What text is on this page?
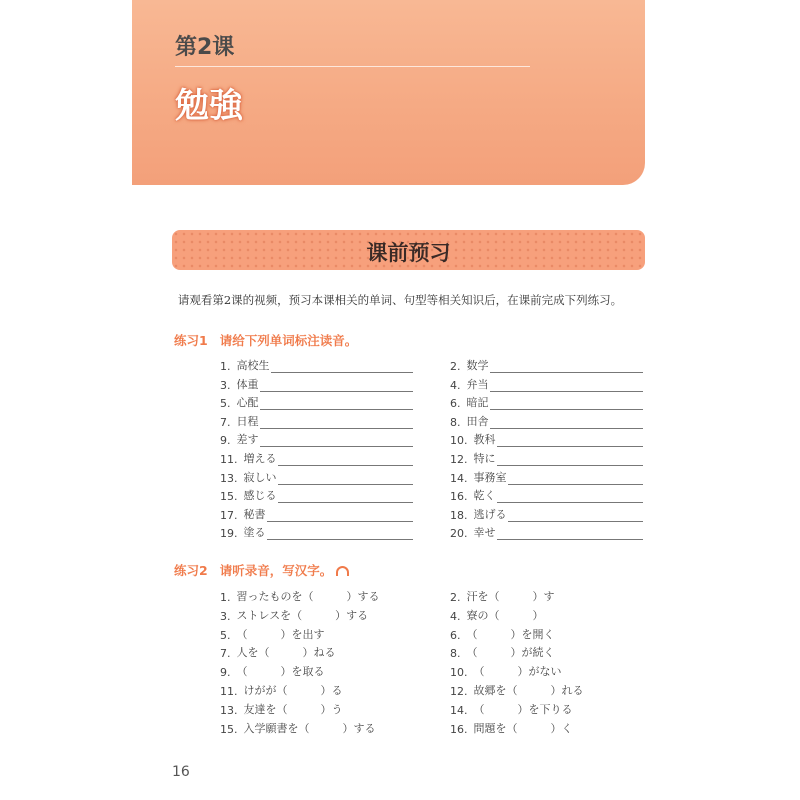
第2课
勉強
课前预习
请观看第2课的视频，预习本课相关的单词、句型等相关知识后，在课前完成下列练习。
练习1 请给下列单词标注读音。
1. 高校生	2. 数学
3. 体重	4. 弁当
5. 心配	6. 暗記
7. 日程	8. 田舎
9. 差す	10. 教科
11. 増える	12. 特に
13. 寂しい	14. 事務室
15. 感じる	16. 乾く
17. 秘書	18. 逃げる
19. 塗る	20. 幸せ
练习2 请听录音，写汉字。
1. 習ったものを（　　　）する	2. 汗を（　　　）す
3. ストレスを（　　　）する	4. 寮の（　　　）
5. （　　　）を出す	6. （　　　）を開く
7. 人を（　　　）ねる	8. （　　　）が続く
9. （　　　）を取る	10. （　　　）がない
11. けがが（　　　）る	12. 故郷を（　　　）れる
13. 友達を（　　　）う	14. （　　　）を下りる
15. 入学願書を（　　　）する	16. 問題を（　　　）く
16
